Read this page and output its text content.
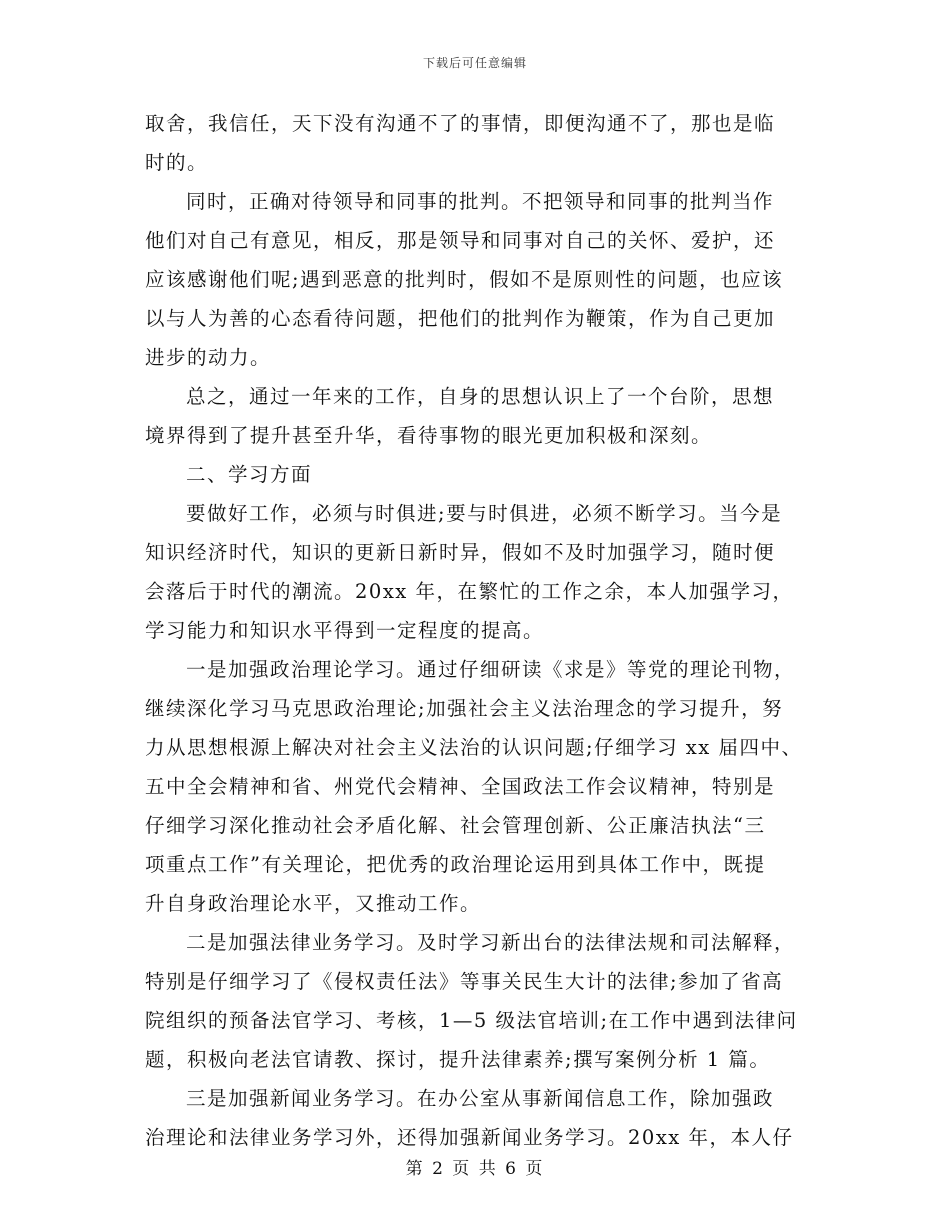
下载后可任意编辑
取舍，我信任，天下没有沟通不了的事情，即便沟通不了，那也是临
时的。
同时，正确对待领导和同事的批判。不把领导和同事的批判当作
他们对自己有意见，相反，那是领导和同事对自己的关怀、爱护，还
应该感谢他们呢;遇到恶意的批判时，假如不是原则性的问题，也应该
以与人为善的心态看待问题，把他们的批判作为鞭策，作为自己更加
进步的动力。
总之，通过一年来的工作，自身的思想认识上了一个台阶，思想
境界得到了提升甚至升华，看待事物的眼光更加积极和深刻。
二、学习方面
要做好工作，必须与时俱进;要与时俱进，必须不断学习。当今是
知识经济时代，知识的更新日新时异，假如不及时加强学习，随时便
会落后于时代的潮流。20xx 年，在繁忙的工作之余，本人加强学习，
学习能力和知识水平得到一定程度的提高。
一是加强政治理论学习。通过仔细研读《求是》等党的理论刊物，
继续深化学习马克思政治理论;加强社会主义法治理念的学习提升，努
力从思想根源上解决对社会主义法治的认识问题;仔细学习 xx 届四中、
五中全会精神和省、州党代会精神、全国政法工作会议精神，特别是
仔细学习深化推动社会矛盾化解、社会管理创新、公正廉洁执法“三
项重点工作”有关理论，把优秀的政治理论运用到具体工作中，既提
升自身政治理论水平，又推动工作。
二是加强法律业务学习。及时学习新出台的法律法规和司法解释，
特别是仔细学习了《侵权责任法》等事关民生大计的法律;参加了省高
院组织的预备法官学习、考核，1—5 级法官培训;在工作中遇到法律问
题，积极向老法官请教、探讨，提升法律素养;撰写案例分析 1 篇。
三是加强新闻业务学习。在办公室从事新闻信息工作，除加强政
治理论和法律业务学习外，还得加强新闻业务学习。20xx 年，本人仔
第 2 页 共 6 页
